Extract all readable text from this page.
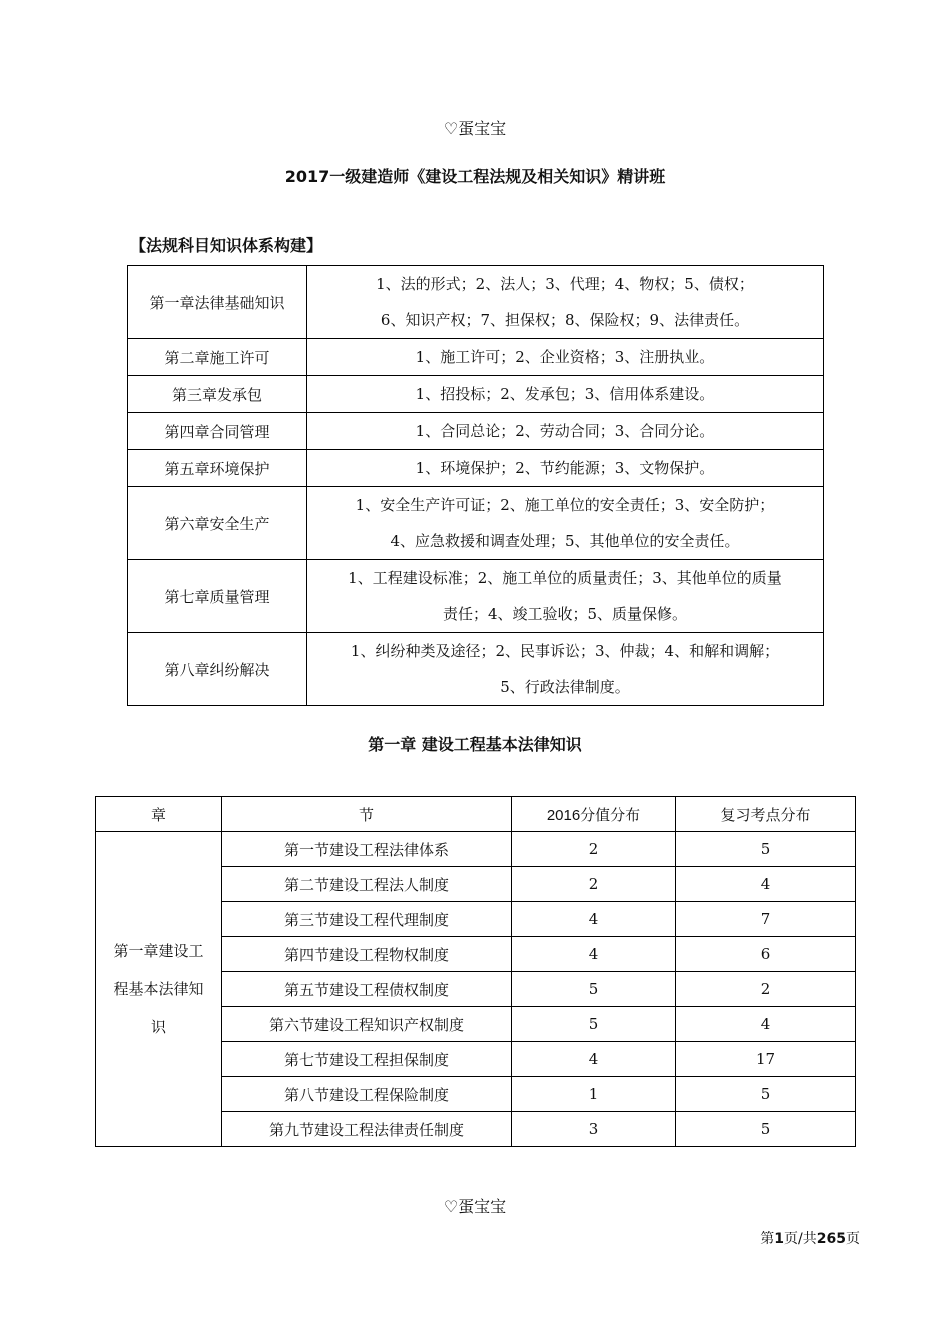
♡蛋宝宝
2017一级建造师《建设工程法规及相关知识》精讲班
【法规科目知识体系构建】
第一章法律基础知识	1、法的形式；2、法人；3、代理；4、物权；5、债权；
6、知识产权；7、担保权；8、保险权；9、法律责任。

第二章施工许可	1、施工许可；2、企业资格；3、注册执业。

第三章发承包	1、招投标；2、发承包；3、信用体系建设。

第四章合同管理	1、合同总论；2、劳动合同；3、合同分论。

第五章环境保护	1、环境保护；2、节约能源；3、文物保护。

第六章安全生产	1、安全生产许可证；2、施工单位的安全责任；3、安全防护；
4、应急救援和调查处理；5、其他单位的安全责任。

第七章质量管理	1、工程建设标准；2、施工单位的质量责任；3、其他单位的质量
责任；4、竣工验收；5、质量保修。

第八章纠纷解决	1、纠纷种类及途径；2、民事诉讼；3、仲裁；4、和解和调解；
5、行政法律制度。
第一章 建设工程基本法律知识
章	节	2016分值分布	复习考点分布

第一章建设工
程基本法律知
识	第一节建设工程法律体系	2	5
	第二节建设工程法人制度	2	4
	第三节建设工程代理制度	4	7
	第四节建设工程物权制度	4	6
	第五节建设工程债权制度	5	2
	第六节建设工程知识产权制度	5	4
	第七节建设工程担保制度	4	17
	第八节建设工程保险制度	1	5
	第九节建设工程法律责任制度	3	5
♡蛋宝宝
第1页/共265页
